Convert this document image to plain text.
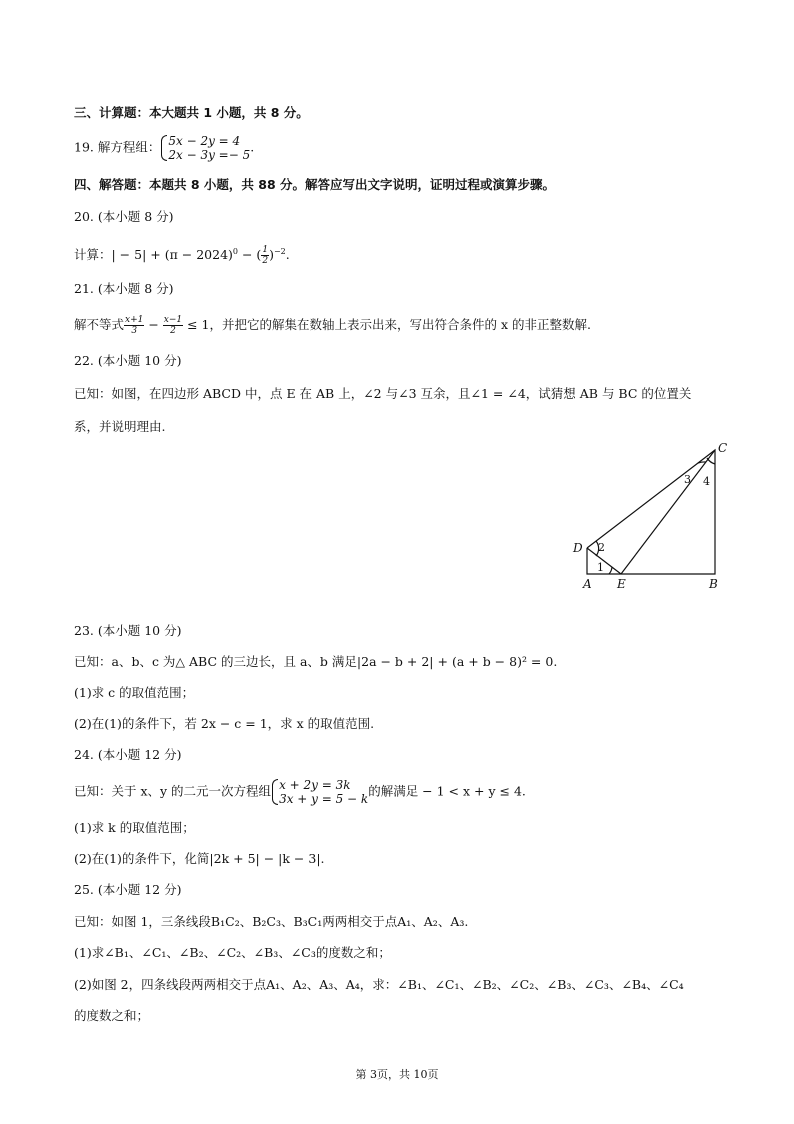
三、计算题：本大题共 1 小题，共 8 分。
19. 解方程组： 5x − 2y = 4
2x − 3y =− 5
.
四、解答题：本题共 8 小题，共 88 分。解答应写出文字说明，证明过程或演算步骤。
20. (本小题 8 分)
计算：| − $5| + (\pi - 2024)^0$ − ( $\frac{1}{2} )^{-2}$.
21. (本小题 8 分)
解不等式 $\frac{x+1}{3} - \frac{x-1}{2} \le 1$，并把它的解集在数轴上表示出来，写出符合条件的 x 的非正整数解.
22. (本小题 10 分)
已知：如图，在四边形 ABCD 中，点 E 在 AB 上，∠2 与∠3 互余，且∠1 = ∠4，试猜想 AB 与 BC 的位置关
系，并说明理由.
C
D
A E	B
2
1
3 4
23. (本小题 10 分)
已知：a、b、c 为△ ABC 的三边长，且 a、b 满足|2a − b + 2| + (a + b − 8)² = 0.
(1)求 c 的取值范围；
(2)在(1)的条件下，若 2x − c = 1，求 x 的取值范围.
24. (本小题 12 分)
已知：关于 x、y 的二元一次方程组 x + 2y = 3k
3x + y = 5 − k
的解满足 − 1 < x + y ≤ 4.
(1)求 k 的取值范围；
(2)在(1)的条件下，化简|2k + 5| − |k − 3|.
25. (本小题 12 分)
已知：如图 1，三条线段B₁C₂、B₂C₃、B₃C₁两两相交于点A₁、A₂、A₃.
(1)求∠B₁、∠C₁、∠B₂、∠C₂、∠B₃、∠C₃的度数之和；
(2)如图 2，四条线段两两相交于点A₁、A₂、A₃、A₄，求：∠B₁、∠C₁、∠B₂、∠C₂、∠B₃、∠C₃、∠B₄、∠C₄
的度数之和；
第 3页，共 10页
